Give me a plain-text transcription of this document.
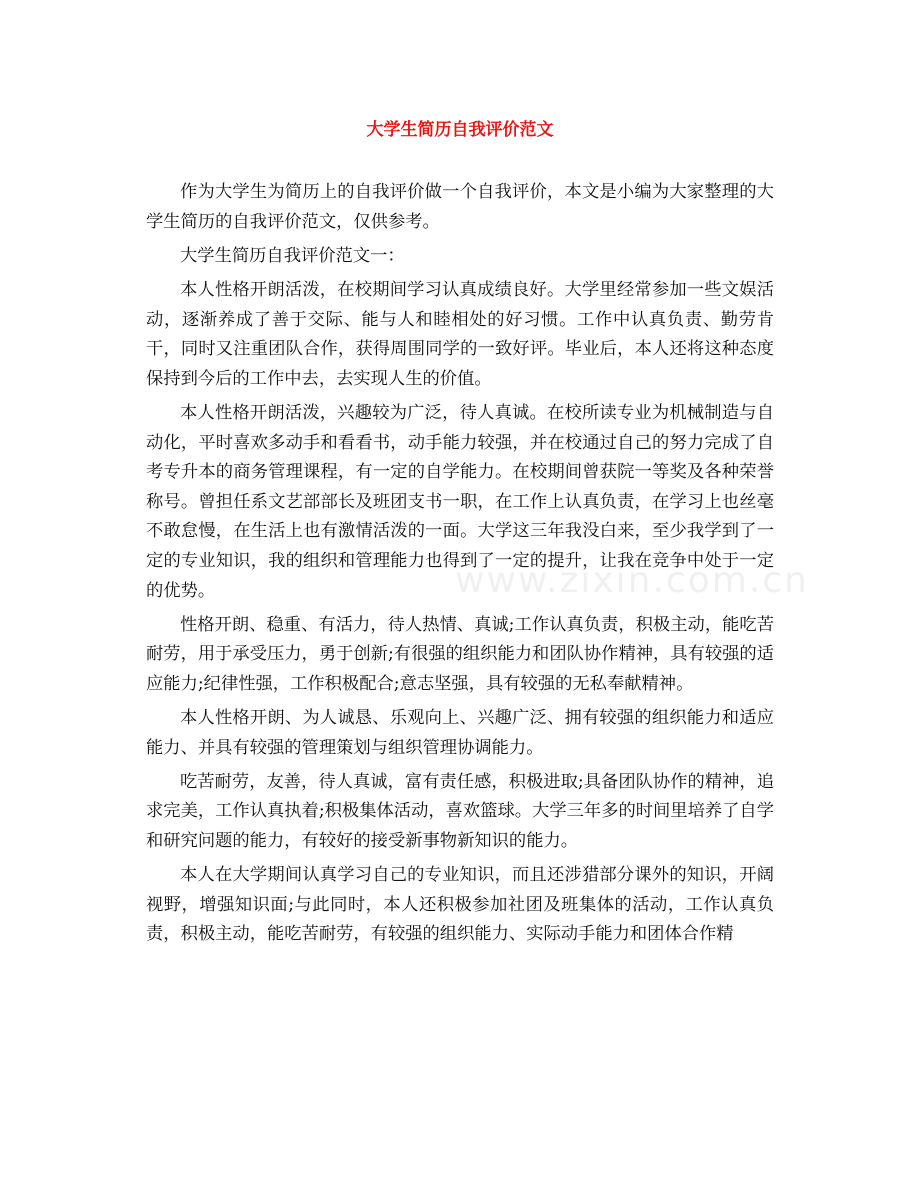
大学生简历自我评价范文

作为大学生为简历上的自我评价做一个自我评价，本文是小编为大家整理的大学生简历的自我评价范文，仅供参考。

大学生简历自我评价范文一：

本人性格开朗活泼，在校期间学习认真成绩良好。大学里经常参加一些文娱活动，逐渐养成了善于交际、能与人和睦相处的好习惯。工作中认真负责、勤劳肯干，同时又注重团队合作，获得周围同学的一致好评。毕业后，本人还将这种态度保持到今后的工作中去，去实现人生的价值。

本人性格开朗活泼，兴趣较为广泛，待人真诚。在校所读专业为机械制造与自动化，平时喜欢多动手和看看书，动手能力较强，并在校通过自己的努力完成了自考专升本的商务管理课程，有一定的自学能力。在校期间曾获院一等奖及各种荣誉称号。曾担任系文艺部部长及班团支书一职，在工作上认真负责，在学习上也丝毫不敢怠慢，在生活上也有激情活泼的一面。大学这三年我没白来，至少我学到了一定的专业知识，我的组织和管理能力也得到了一定的提升，让我在竞争中处于一定的优势。

性格开朗、稳重、有活力，待人热情、真诚;工作认真负责，积极主动，能吃苦耐劳，用于承受压力，勇于创新;有很强的组织能力和团队协作精神，具有较强的适应能力;纪律性强，工作积极配合;意志坚强，具有较强的无私奉献精神。

本人性格开朗、为人诚恳、乐观向上、兴趣广泛、拥有较强的组织能力和适应能力、并具有较强的管理策划与组织管理协调能力。

吃苦耐劳，友善，待人真诚，富有责任感，积极进取;具备团队协作的精神，追求完美，工作认真执着;积极集体活动，喜欢篮球。大学三年多的时间里培养了自学和研究问题的能力，有较好的接受新事物新知识的能力。

本人在大学期间认真学习自己的专业知识，而且还涉猎部分课外的知识，开阔视野，增强知识面;与此同时，本人还积极参加社团及班集体的活动，工作认真负责，积极主动，能吃苦耐劳，有较强的组织能力、实际动手能力和团体合作精

www.zixin.com.cn
